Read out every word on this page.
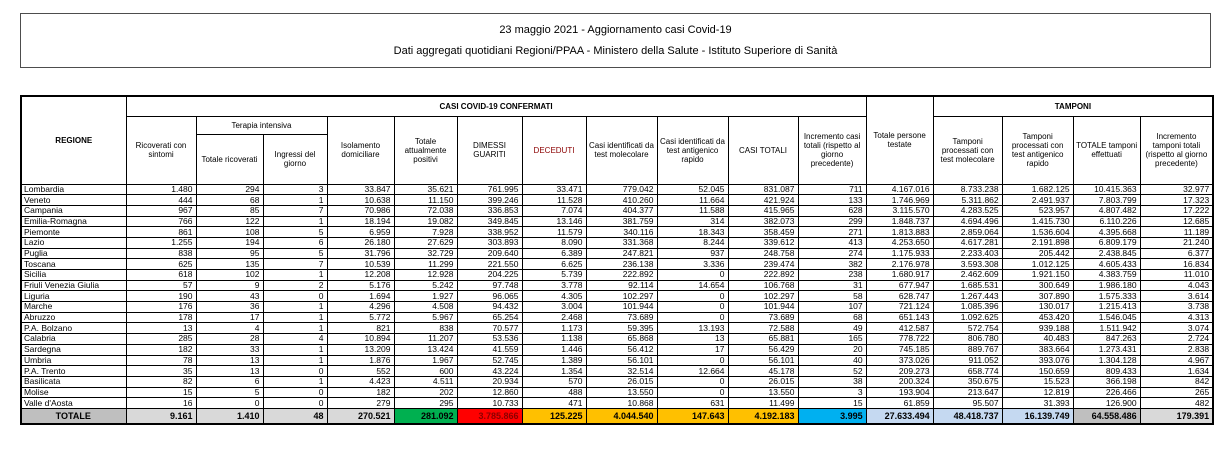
23 maggio 2021 - Aggiornamento casi Covid-19
Dati aggregati quotidiani Regioni/PPAA - Ministero della Salute - Istituto Superiore di Sanità
REGIONE	CASI COVID-19 CONFERMATI											Totale persone testate	TAMPONI			
	Ricoverati con sintomi	Terapia intensiva		Isolamento domiciliare	Totale attualmente positivi	DIMESSI GUARITI	DECEDUTI	Casi identificati da test molecolare	Casi identificati da test antigenico rapido	CASI TOTALI	Incremento casi totali (rispetto al giorno precedente)		Tamponi processati con test molecolare	Tamponi processati con test antigenico rapido	TOTALE tamponi effettuati	Incremento tamponi totali (rispetto al giorno precedente)
		Totale ricoverati	Ingressi del giorno													
Lombardia	1.480	294	3	33.847	35.621	761.995	33.471	779.042	52.045	831.087	711	4.167.016	8.733.238	1.682.125	10.415.363	32.977
Veneto	444	68	1	10.638	11.150	399.246	11.528	410.260	11.664	421.924	133	1.746.969	5.311.862	2.491.937	7.803.799	17.323
Campania	967	85	7	70.986	72.038	336.853	7.074	404.377	11.588	415.965	628	3.115.570	4.283.525	523.957	4.807.482	17.222
Emilia-Romagna	766	122	1	18.194	19.082	349.845	13.146	381.759	314	382.073	299	1.848.737	4.694.496	1.415.730	6.110.226	12.685
Piemonte	861	108	5	6.959	7.928	338.952	11.579	340.116	18.343	358.459	271	1.813.883	2.859.064	1.536.604	4.395.668	11.189
Lazio	1.255	194	6	26.180	27.629	303.893	8.090	331.368	8.244	339.612	413	4.253.650	4.617.281	2.191.898	6.809.179	21.240
Puglia	838	95	5	31.796	32.729	209.640	6.389	247.821	937	248.758	274	1.175.933	2.233.403	205.442	2.438.845	6.377
Toscana	625	135	7	10.539	11.299	221.550	6.625	236.138	3.336	239.474	382	2.176.978	3.593.308	1.012.125	4.605.433	16.834
Sicilia	618	102	1	12.208	12.928	204.225	5.739	222.892	0	222.892	238	1.680.917	2.462.609	1.921.150	4.383.759	11.010
Friuli Venezia Giulia	57	9	2	5.176	5.242	97.748	3.778	92.114	14.654	106.768	31	677.947	1.685.531	300.649	1.986.180	4.043
Liguria	190	43	0	1.694	1.927	96.065	4.305	102.297	0	102.297	58	628.747	1.267.443	307.890	1.575.333	3.614
Marche	176	36	1	4.296	4.508	94.432	3.004	101.944	0	101.944	107	721.124	1.085.396	130.017	1.215.413	3.738
Abruzzo	178	17	1	5.772	5.967	65.254	2.468	73.689	0	73.689	68	651.143	1.092.625	453.420	1.546.045	4.313
P.A. Bolzano	13	4	1	821	838	70.577	1.173	59.395	13.193	72.588	49	412.587	572.754	939.188	1.511.942	3.074
Calabria	285	28	4	10.894	11.207	53.536	1.138	65.868	13	65.881	165	778.722	806.780	40.483	847.263	2.724
Sardegna	182	33	1	13.209	13.424	41.559	1.446	56.412	17	56.429	20	745.185	889.767	383.664	1.273.431	2.838
Umbria	78	13	1	1.876	1.967	52.745	1.389	56.101	0	56.101	40	373.026	911.052	393.076	1.304.128	4.967
P.A. Trento	35	13	0	552	600	43.224	1.354	32.514	12.664	45.178	52	209.273	658.774	150.659	809.433	1.634
Basilicata	82	6	1	4.423	4.511	20.934	570	26.015	0	26.015	38	200.324	350.675	15.523	366.198	842
Molise	15	5	0	182	202	12.860	488	13.550	0	13.550	3	193.904	213.647	12.819	226.466	265
Valle d'Aosta	16	0	0	279	295	10.733	471	10.868	631	11.499	15	61.859	95.507	31.393	126.900	482
TOTALE	9.161	1.410	48	270.521	281.092	3.785.866	125.225	4.044.540	147.643	4.192.183	3.995	27.633.494	48.418.737	16.139.749	64.558.486	179.391
